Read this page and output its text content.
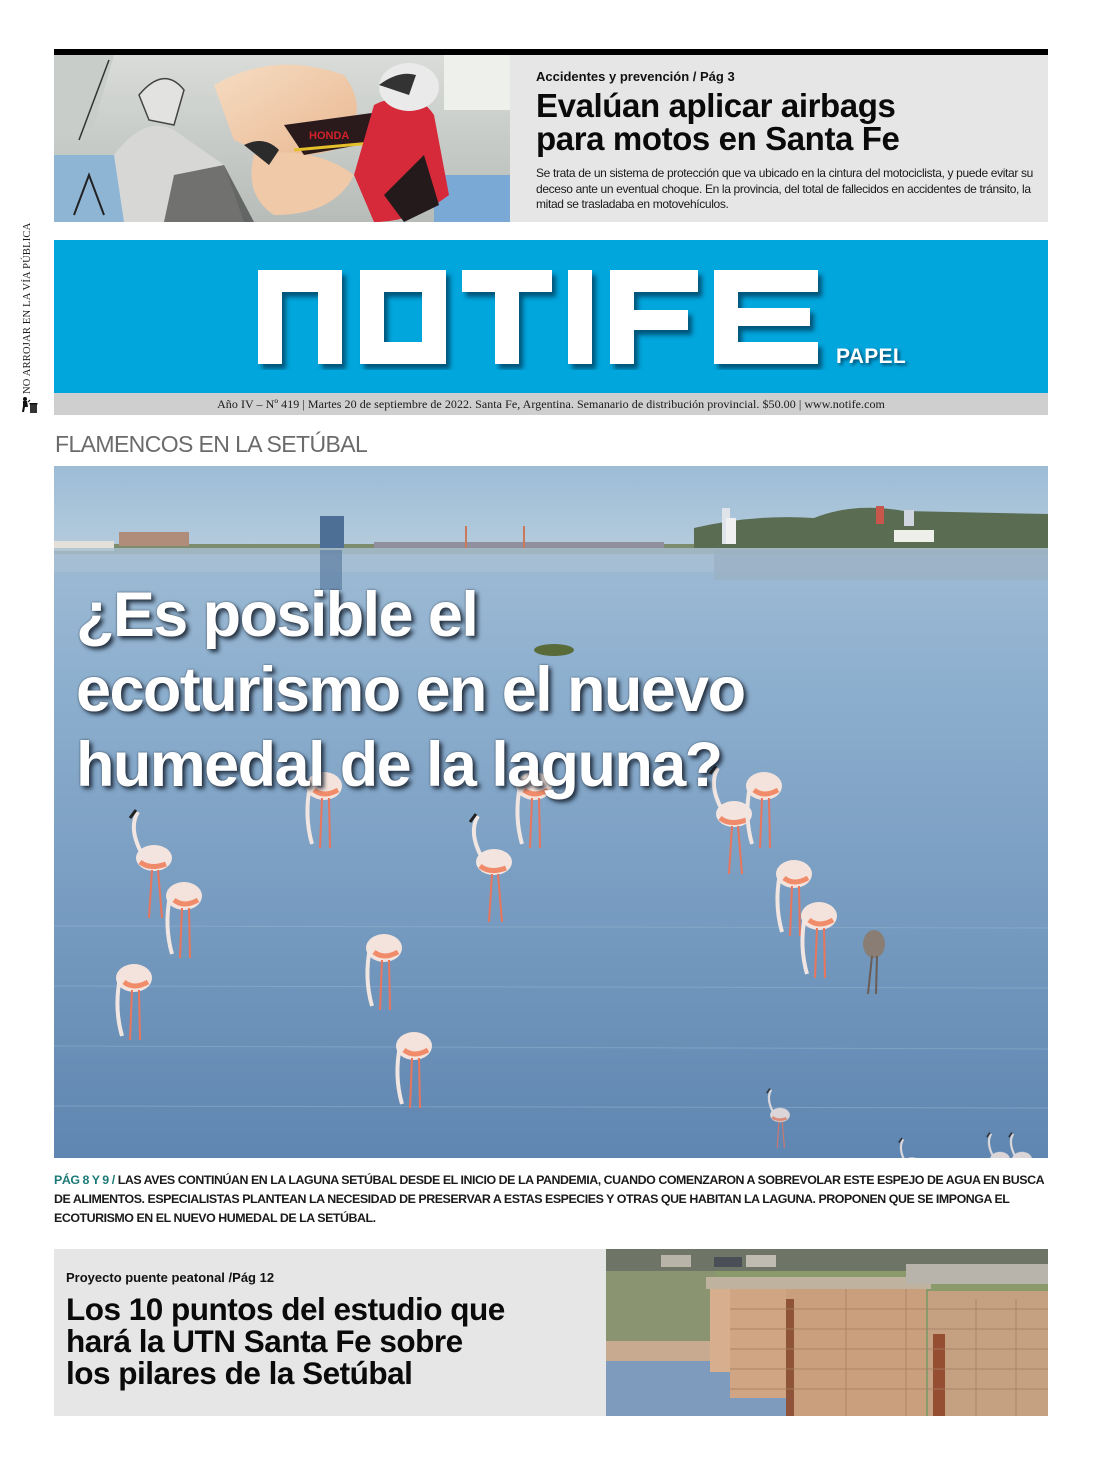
NO ARROJAR EN LA VÍA PÚBLICA
HONDA
Accidentes y prevención / Pág 3
Evalúan aplicar airbags
para motos en Santa Fe
Se trata de un sistema de protección que va ubicado en la cintura del motociclista, y puede evitar su deceso ante un eventual choque. En la provincia, del total de fallecidos en accidentes de tránsito, la mitad se trasladaba en motovehículos.
PAPEL
Año IV – Nº 419 | Martes 20 de septiembre de 2022. Santa Fe, Argentina. Semanario de distribución provincial. $50.00 | www.notife.com
FLAMENCOS EN LA SETÚBAL
¿Es posible el
ecoturismo en el nuevo
humedal de la laguna?
PÁG 8 Y 9 / LAS AVES CONTINÚAN EN LA LAGUNA SETÚBAL DESDE EL INICIO DE LA PANDEMIA, CUANDO COMENZARON A SOBREVOLAR ESTE ESPEJO DE AGUA EN BUSCA DE ALIMENTOS. ESPECIALISTAS PLANTEAN LA NECESIDAD DE PRESERVAR A ESTAS ESPECIES Y OTRAS QUE HABITAN LA LAGUNA. PROPONEN QUE SE IMPONGA EL ECOTURISMO EN EL NUEVO HUMEDAL DE LA SETÚBAL.
Proyecto puente peatonal /Pág 12
Los 10 puntos del estudio que
hará la UTN Santa Fe sobre
los pilares de la Setúbal
